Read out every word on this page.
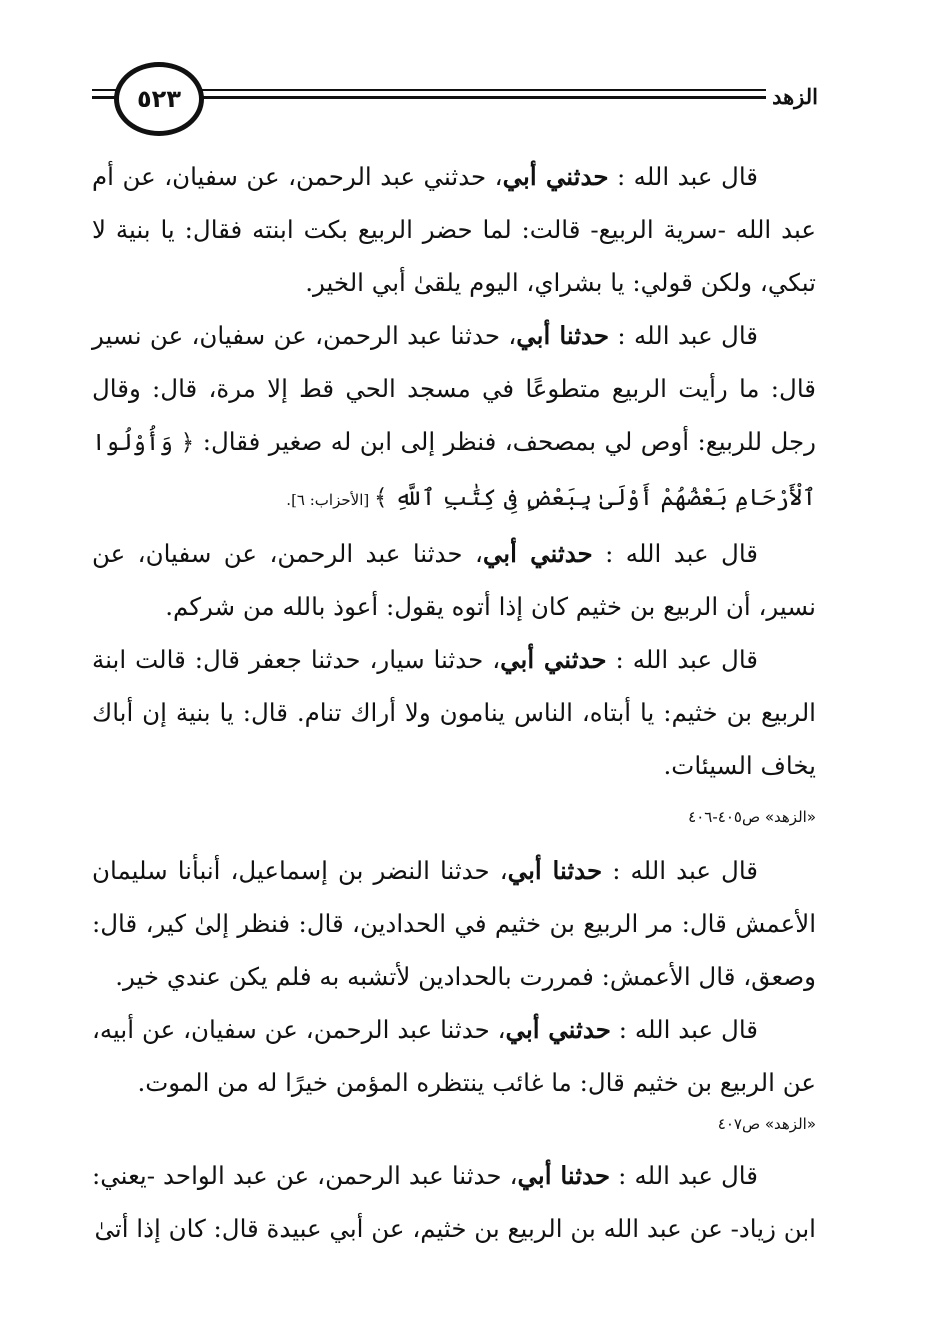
٥٢٣	الزهد

قال عبد الله : حدثني أبي، حدثني عبد الرحمن، عن سفيان، عن أم عبد الله -سرية الربيع- قالت: لما حضر الربيع بكت ابنته فقال: يا بنية لا تبكي، ولكن قولي: يا بشراي، اليوم يلقىٰ أبي الخير.

قال عبد الله : حدثنا أبي، حدثنا عبد الرحمن، عن سفيان، عن نسير قال: ما رأيت الربيع متطوعًا في مسجد الحي قط إلا مرة، قال: وقال رجل للربيع: أوص لي بمصحف، فنظر إلى ابن له صغير فقال: ﴿ وَأُوْلُوا ٱلْأَرْحَامِ بَعْضُهُمْ أَوْلَىٰ بِبَعْضٍ فِى كِتَٰبِ ٱللَّهِ ﴾ [الأحزاب: ٦].

قال عبد الله : حدثني أبي، حدثنا عبد الرحمن، عن سفيان، عن نسير، أن الربيع بن خثيم كان إذا أتوه يقول: أعوذ بالله من شركم.

قال عبد الله : حدثني أبي، حدثنا سيار، حدثنا جعفر قال: قالت ابنة الربيع بن خثيم: يا أبتاه، الناس ينامون ولا أراك تنام. قال: يا بنية إن أباك يخاف السيئات.

«الزهد» ص٤٠٥-٤٠٦

قال عبد الله : حدثنا أبي، حدثنا النضر بن إسماعيل، أنبأنا سليمان الأعمش قال: مر الربيع بن خثيم في الحدادين، قال: فنظر إلىٰ كير، قال: وصعق، قال الأعمش: فمررت بالحدادين لأتشبه به فلم يكن عندي خير.

قال عبد الله : حدثني أبي، حدثنا عبد الرحمن، عن سفيان، عن أبيه، عن الربيع بن خثيم قال: ما غائب ينتظره المؤمن خيرًا له من الموت.

«الزهد» ص٤٠٧

قال عبد الله : حدثنا أبي، حدثنا عبد الرحمن، عن عبد الواحد -يعني: ابن زياد- عن عبد الله بن الربيع بن خثيم، عن أبي عبيدة قال: كان إذا أتىٰ
